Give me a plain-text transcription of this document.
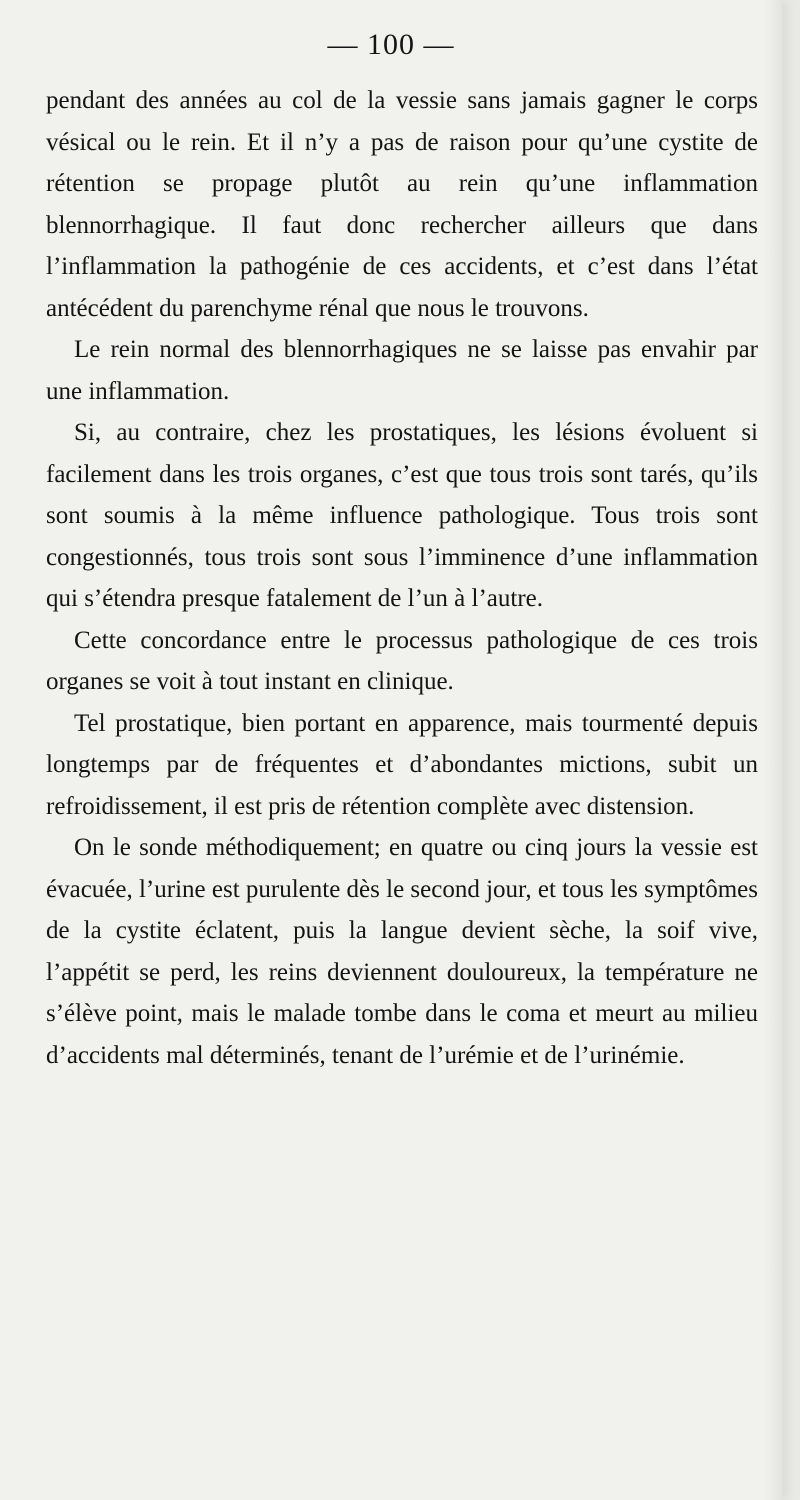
— 100 —

pendant des années au col de la vessie sans jamais gagner le corps vésical ou le rein. Et il n’y a pas de raison pour qu’une cystite de rétention se propage plutôt au rein qu’une inflammation blennorrhagique. Il faut donc rechercher ailleurs que dans l’inflammation la pathogénie de ces accidents, et c’est dans l’état antécédent du parenchyme rénal que nous le trouvons.

Le rein normal des blennorrhagiques ne se laisse pas envahir par une inflammation.

Si, au contraire, chez les prostatiques, les lésions évoluent si facilement dans les trois organes, c’est que tous trois sont tarés, qu’ils sont soumis à la même influence pathologique. Tous trois sont congestionnés, tous trois sont sous l’imminence d’une inflammation qui s’étendra presque fatalement de l’un à l’autre.

Cette concordance entre le processus pathologique de ces trois organes se voit à tout instant en clinique.

Tel prostatique, bien portant en apparence, mais tourmenté depuis longtemps par de fréquentes et d’abondantes mictions, subit un refroidissement, il est pris de rétention complète avec distension.

On le sonde méthodiquement; en quatre ou cinq jours la vessie est évacuée, l’urine est purulente dès le second jour, et tous les symptômes de la cystite éclatent, puis la langue devient sèche, la soif vive, l’appétit se perd, les reins deviennent douloureux, la température ne s’élève point, mais le malade tombe dans le coma et meurt au milieu d’accidents mal déterminés, tenant de l’urémie et de l’urinémie.
